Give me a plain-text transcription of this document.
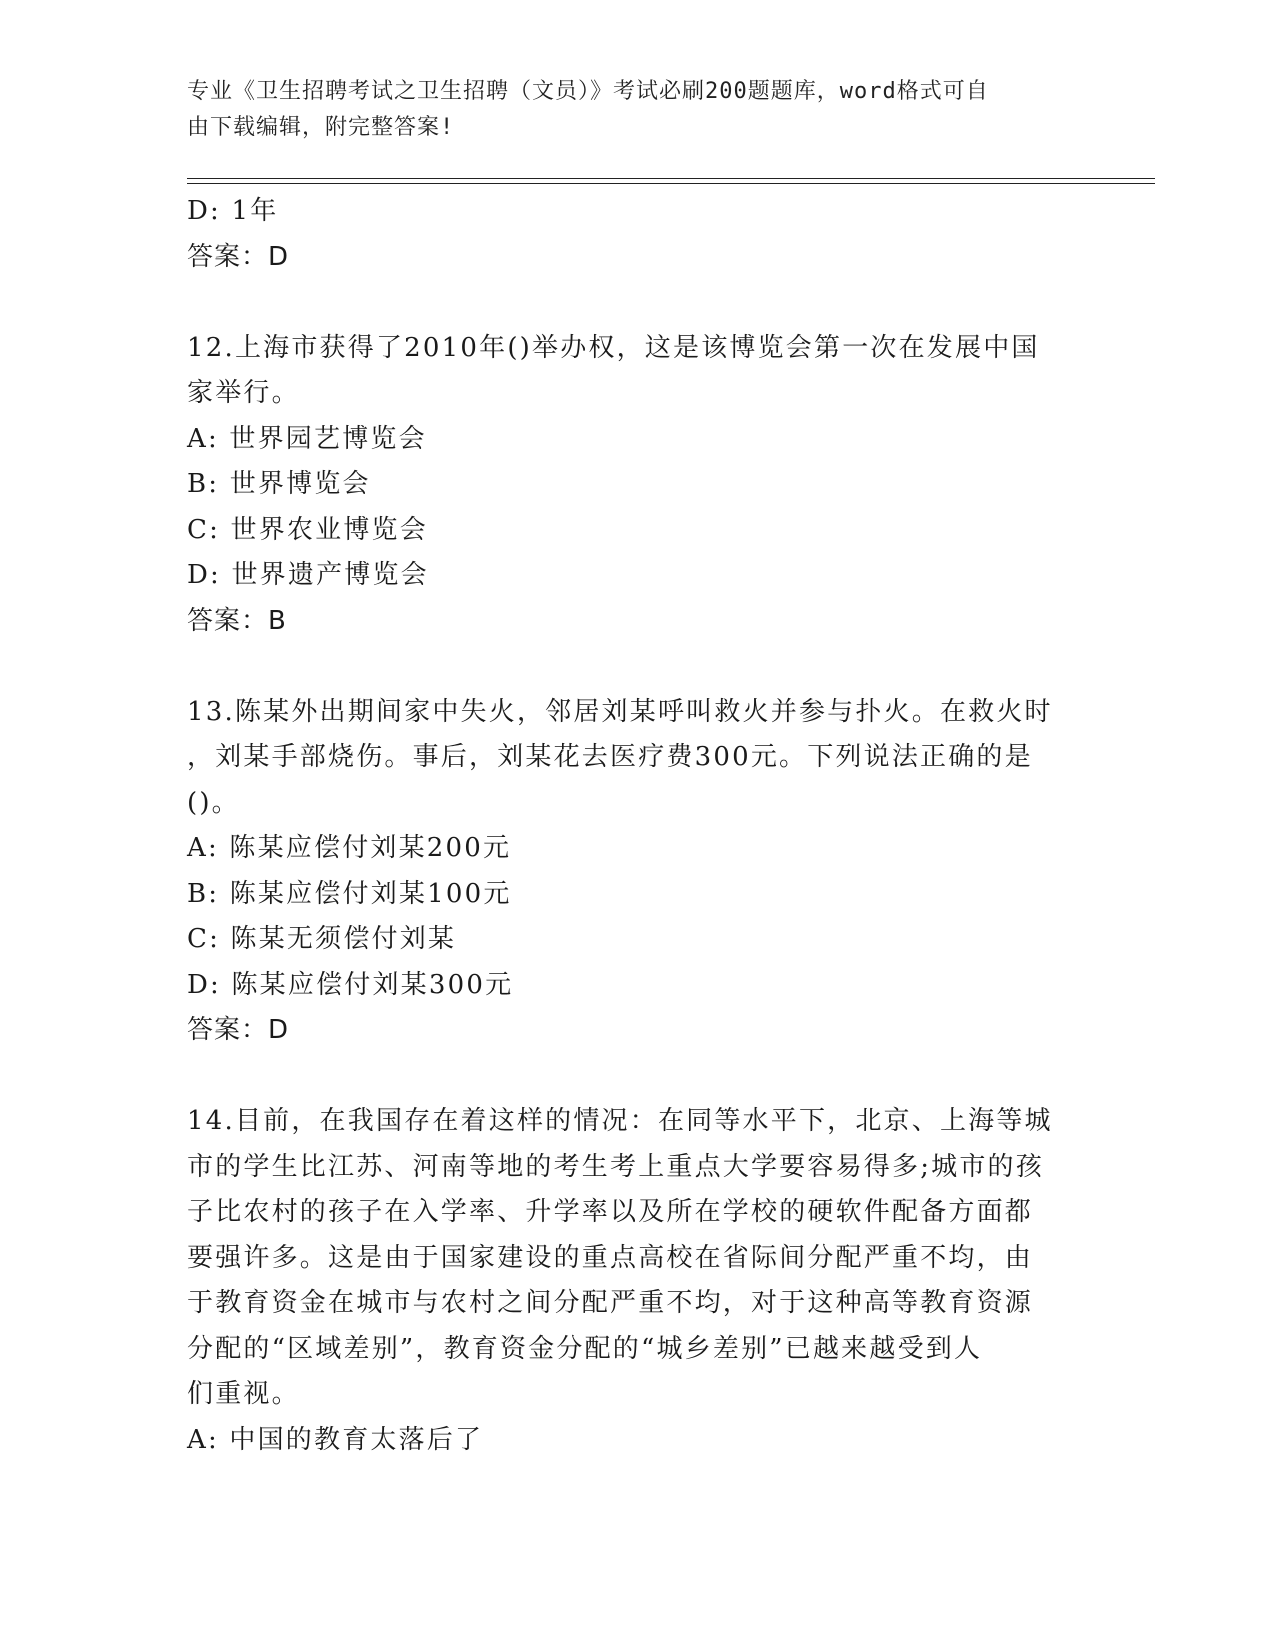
专业《卫生招聘考试之卫生招聘（文员）》考试必刷200题题库，word格式可自
由下载编辑，附完整答案!
D: 1年
答案：D
12.上海市获得了2010年()举办权，这是该博览会第一次在发展中国
家举行。
A: 世界园艺博览会
B: 世界博览会
C: 世界农业博览会
D: 世界遗产博览会
答案：B
13.陈某外出期间家中失火，邻居刘某呼叫救火并参与扑火。在救火时
，刘某手部烧伤。事后，刘某花去医疗费300元。下列说法正确的是
()。
A: 陈某应偿付刘某200元
B: 陈某应偿付刘某100元
C: 陈某无须偿付刘某
D: 陈某应偿付刘某300元
答案：D
14.目前，在我国存在着这样的情况：在同等水平下，北京、上海等城
市的学生比江苏、河南等地的考生考上重点大学要容易得多;城市的孩
子比农村的孩子在入学率、升学率以及所在学校的硬软件配备方面都
要强许多。这是由于国家建设的重点高校在省际间分配严重不均，由
于教育资金在城市与农村之间分配严重不均，对于这种高等教育资源
分配的“区域差别”，教育资金分配的“城乡差别”已越来越受到人
们重视。
A: 中国的教育太落后了
